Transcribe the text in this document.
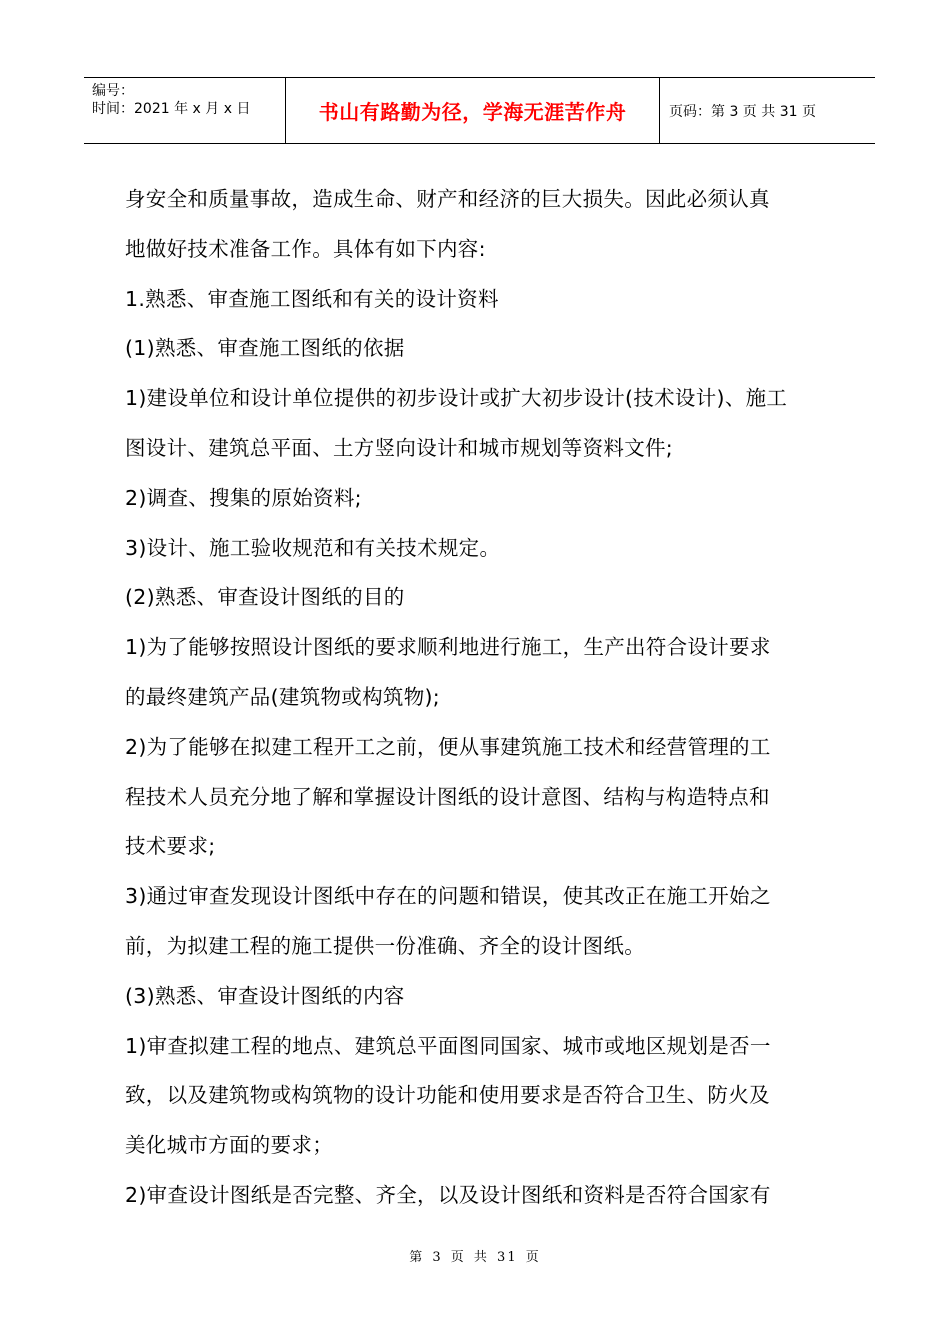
编号：
时间：2021 年 x 月 x 日	书山有路勤为径，学海无涯苦作舟	页码：第 3 页 共 31 页
身安全和质量事故，造成生命、财产和经济的巨大损失。因此必须认真
地做好技术准备工作。具体有如下内容:
1.熟悉、审查施工图纸和有关的设计资料
(1)熟悉、审查施工图纸的依据
1)建设单位和设计单位提供的初步设计或扩大初步设计(技术设计)、施工
图设计、建筑总平面、土方竖向设计和城市规划等资料文件;
2)调查、搜集的原始资料;
3)设计、施工验收规范和有关技术规定。
(2)熟悉、审查设计图纸的目的
1)为了能够按照设计图纸的要求顺利地进行施工，生产出符合设计要求
的最终建筑产品(建筑物或构筑物);
2)为了能够在拟建工程开工之前，便从事建筑施工技术和经营管理的工
程技术人员充分地了解和掌握设计图纸的设计意图、结构与构造特点和
技术要求;
3)通过审查发现设计图纸中存在的问题和错误，使其改正在施工开始之
前，为拟建工程的施工提供一份准确、齐全的设计图纸。
(3)熟悉、审查设计图纸的内容
1)审查拟建工程的地点、建筑总平面图同国家、城市或地区规划是否一
致，以及建筑物或构筑物的设计功能和使用要求是否符合卫生、防火及
美化城市方面的要求；
2)审查设计图纸是否完整、齐全，以及设计图纸和资料是否符合国家有
第 3 页 共 31 页
